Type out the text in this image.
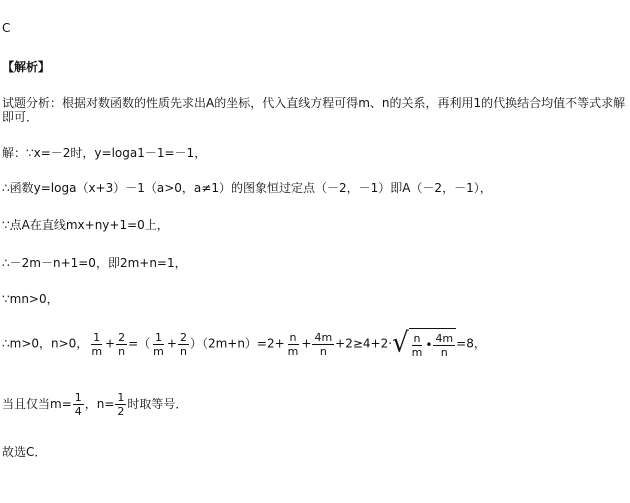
C
【解析】
试题分析：根据对数函数的性质先求出A的坐标，代入直线方程可得m、n的关系，再利用1的代换结合均值不等式求解即可．
解：∵x=－2时，y=loga1－1=－1，
∴函数y=loga（x+3）－1（a>0，a≠1）的图象恒过定点（－2，－1）即A（－2，－1），
∵点A在直线mx+ny+1=0上，
∴－2m－n+1=0，即2m+n=1，
∵mn>0，
∴m>0，n>0， $\frac{1}{m} + \frac{2}{n}$ =（ $\frac{1}{m} + \frac{2}{n} )(2m+n)=2+ \frac{n}{m} + \frac{4m}{n} +2\ge 4+2\cdot$ √ $\frac{n}{m}$ • $\frac{4m}{n} =8$，
当且仅当$m= \frac{1}{4}$ ，$n= \frac{1}{2}$ 时取等号．
故选C．
